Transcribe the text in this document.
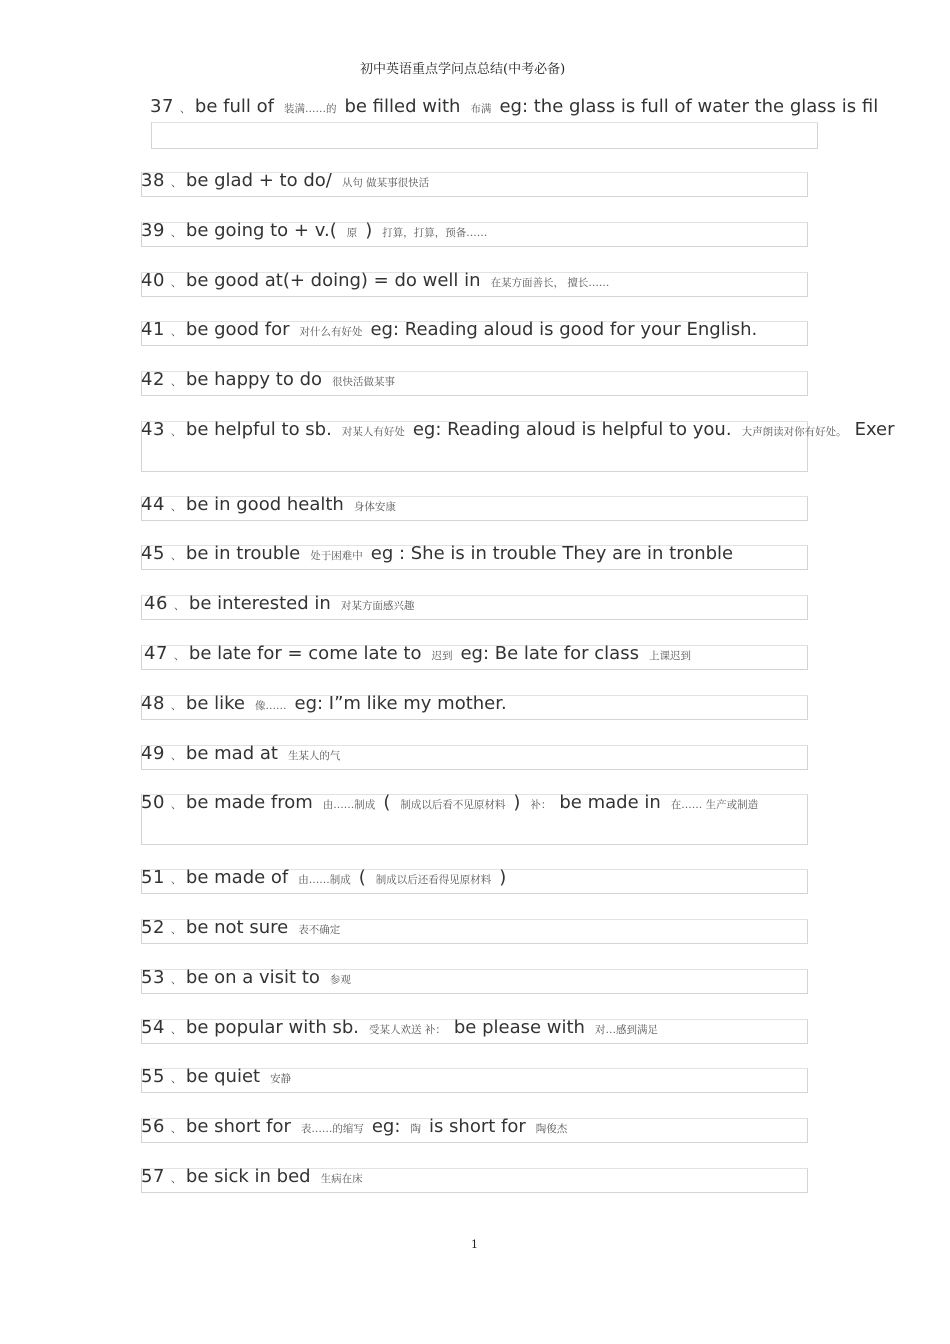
初中英语重点学问点总结(中考必备)
1
37 、 be full of 装满……的 be filled with 布满 eg: the glass is full of water the glass is fil
38 、 be glad + to do/ 从句 做某事很快活
39 、 be going to + v.( 原 ) 打算，打算，预备……
40 、 be good at(+ doing) = do well in 在某方面善长， 擅长……
41 、 be good for 对什么有好处 eg: Reading aloud is good for your English.
42 、 be happy to do 很快活做某事
43 、 be helpful to sb. 对某人有好处 eg: Reading aloud is helpful to you. 大声朗读对你有好处。 Exer
44 、 be in good health 身体安康
45 、 be in trouble 处于困难中 eg : She is in trouble They are in tronble
46 、 be interested in 对某方面感兴趣
47 、 be late for = come late to 迟到 eg: Be late for class 上课迟到
48 、 be like 像…… eg: I”m like my mother.
49 、 be mad at 生某人的气
50 、 be made from 由……制成 ( 制成以后看不见原材料 ) 补： be made in 在…… 生产或制造
51 、 be made of 由……制成 ( 制成以后还看得见原材料 )
52 、 be not sure 表不确定
53 、 be on a visit to 参观
54 、 be popular with sb. 受某人欢送 补： be please with 对…感到满足
55 、 be quiet 安静
56 、 be short for 表……的缩写 eg: 陶 is short for 陶俊杰
57 、 be sick in bed 生病在床
